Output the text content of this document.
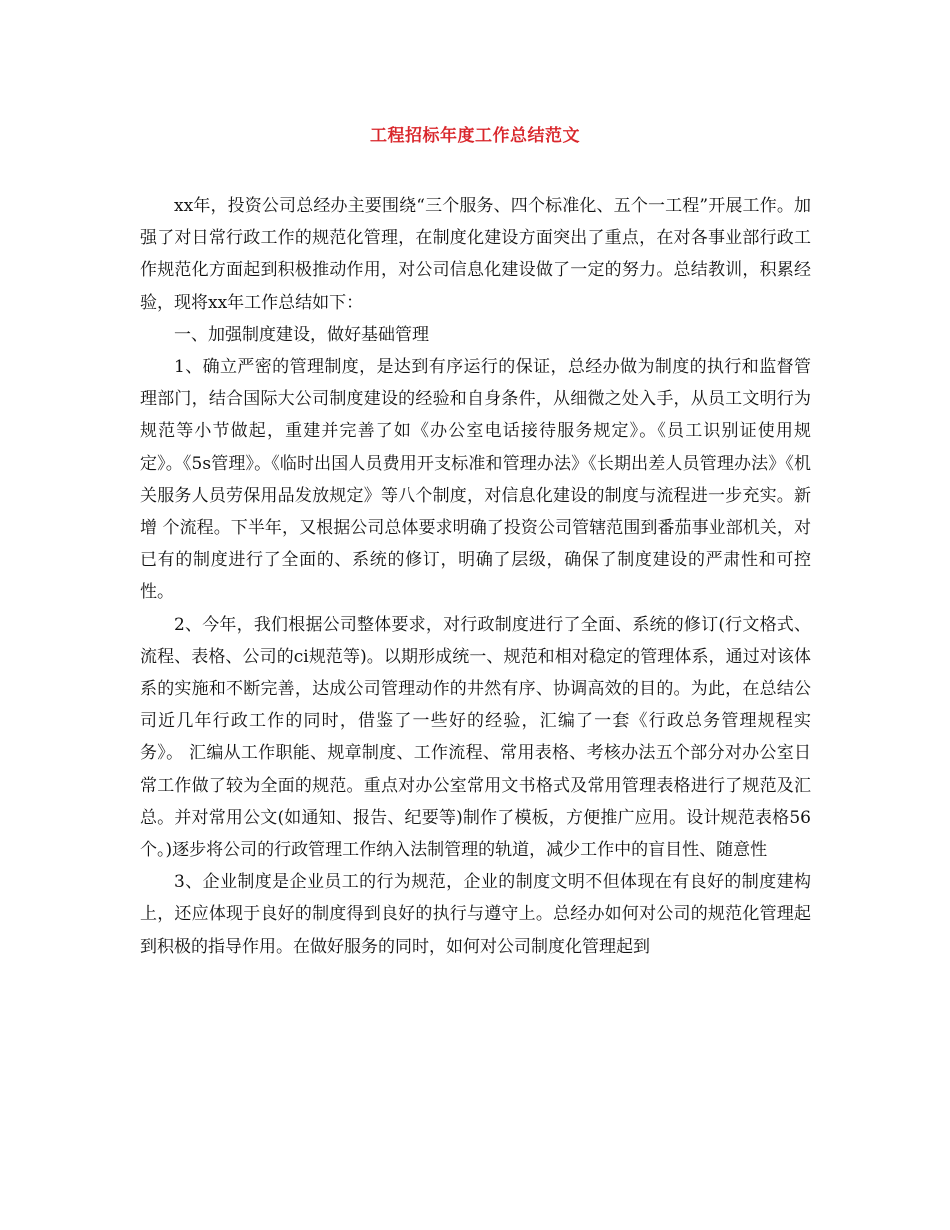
工程招标年度工作总结范文

xx年，投资公司总经办主要围绕“三个服务、四个标准化、五个一工程”开展工作。加强了对日常行政工作的规范化管理，在制度化建设方面突出了重点，在对各事业部行政工作规范化方面起到积极推动作用，对公司信息化建设做了一定的努力。总结教训，积累经验，现将xx年工作总结如下：

一、加强制度建设，做好基础管理

1、确立严密的管理制度，是达到有序运行的保证，总经办做为制度的执行和监督管理部门，结合国际大公司制度建设的经验和自身条件，从细微之处入手，从员工文明行为规范等小节做起，重建并完善了如《办公室电话接待服务规定》。《员工识别证使用规定》。《5s管理》。《临时出国人员费用开支标准和管理办法》《长期出差人员管理办法》《机关服务人员劳保用品发放规定》等八个制度，对信息化建设的制度与流程进一步充实。新增 个流程。下半年，又根据公司总体要求明确了投资公司管辖范围到番茄事业部机关，对已有的制度进行了全面的、系统的修订，明确了层级，确保了制度建设的严肃性和可控性。

2、今年，我们根据公司整体要求，对行政制度进行了全面、系统的修订(行文格式、流程、表格、公司的ci规范等)。以期形成统一、规范和相对稳定的管理体系，通过对该体系的实施和不断完善，达成公司管理动作的井然有序、协调高效的目的。为此，在总结公司近几年行政工作的同时，借鉴了一些好的经验，汇编了一套《行政总务管理规程实务》。 汇编从工作职能、规章制度、工作流程、常用表格、考核办法五个部分对办公室日常工作做了较为全面的规范。重点对办公室常用文书格式及常用管理表格进行了规范及汇总。并对常用公文(如通知、报告、纪要等)制作了模板，方便推广应用。设计规范表格56个。)逐步将公司的行政管理工作纳入法制管理的轨道，减少工作中的盲目性、随意性

3、企业制度是企业员工的行为规范，企业的制度文明不但体现在有良好的制度建构上，还应体现于良好的制度得到良好的执行与遵守上。总经办如何对公司的规范化管理起到积极的指导作用。在做好服务的同时，如何对公司制度化管理起到
